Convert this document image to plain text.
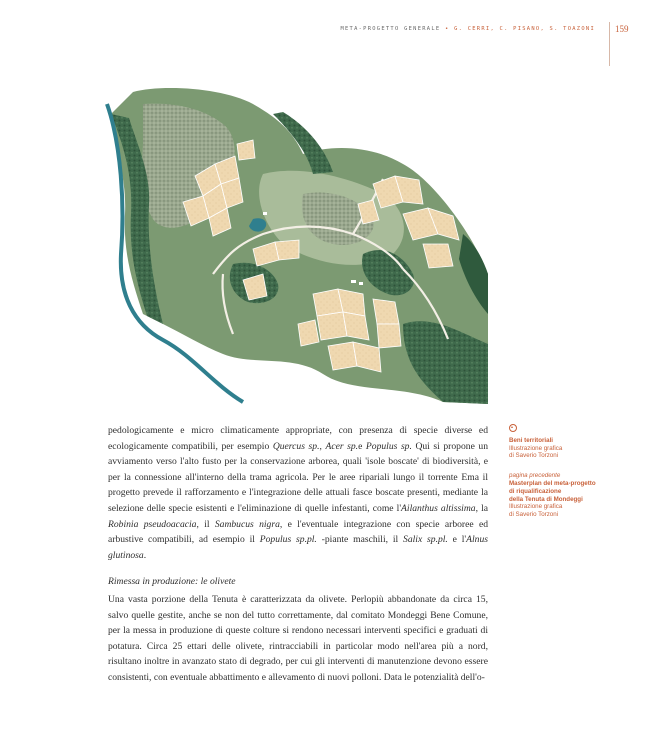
META-PROGETTO GENERALE • G. CERRI, C. PISANO, S. TOAZONI 159

pedologicamente e micro climaticamente appropriate, con presenza di specie diverse ed ecologicamente compatibili, per esempio Quercus sp., Acer sp.e Populus sp. Qui si propone un avviamento verso l'alto fusto per la conservazione arborea, quali 'isole boscate' di biodiversità, e per la connessione all'interno della trama agricola. Per le aree ripariali lungo il torrente Ema il progetto prevede il rafforzamento e l'integrazione delle attuali fasce boscate presenti, mediante la selezione delle specie esistenti e l'eliminazione di quelle infestanti, come l'Ailanthus altissima, la Robinia pseudoacacia, il Sambucus nigra, e l'eventuale integrazione con specie arboree ed arbustive compatibili, ad esempio il Populus sp.pl. -piante maschili, il Salix sp.pl. e l'Alnus glutinosa.

Rimessa in produzione: le olivete

Una vasta porzione della Tenuta è caratterizzata da olivete. Perlopiù abbandonate da circa 15, salvo quelle gestite, anche se non del tutto correttamente, dal comitato Mondeggi Bene Comune, per la messa in produzione di queste colture si rendono necessari interventi specifici e graduati di potatura. Circa 25 ettari delle olivete, rintracciabili in particolar modo nell'area più a nord, risultano inoltre in avanzato stato di degrado, per cui gli interventi di manutenzione devono essere consistenti, con eventuale abbattimento e allevamento di nuovi polloni. Data le potenzialità dell'o-

Beni territoriali
Illustrazione grafica
di Saverio Torzoni
pagina precedente
Masterplan del meta-progetto
di riqualificazione
della Tenuta di Mondeggi
Illustrazione grafica
di Saverio Torzoni
